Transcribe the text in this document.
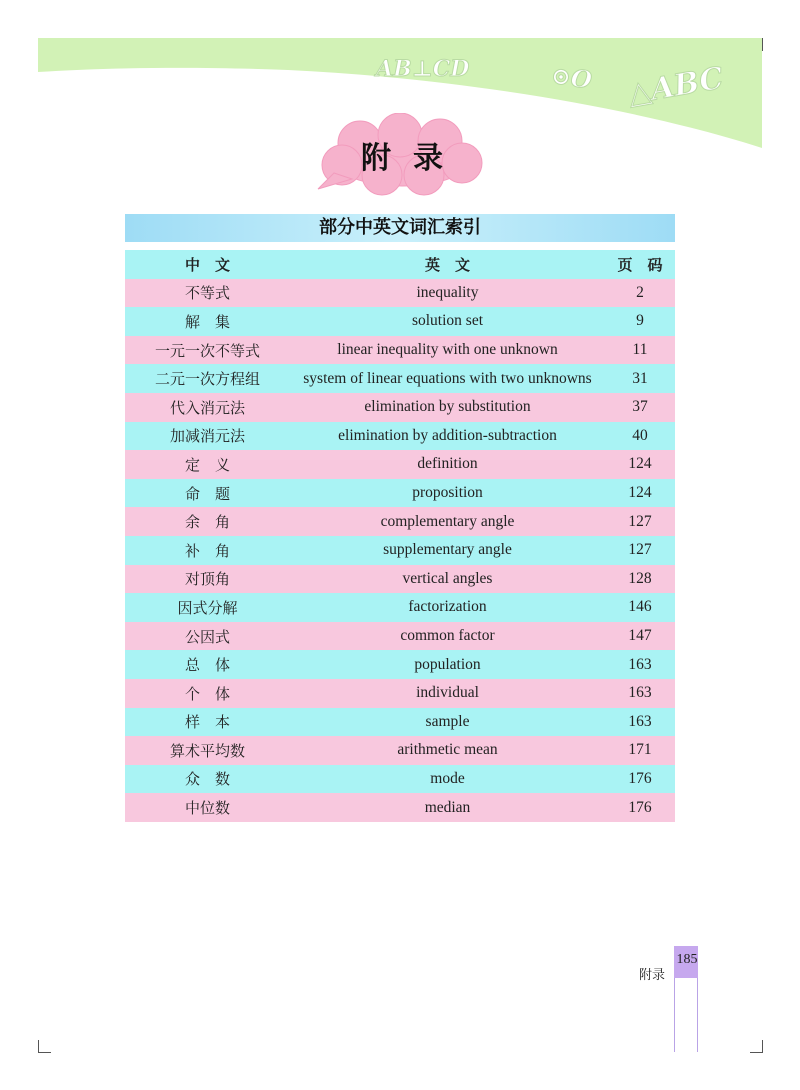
AB⊥CD	⊙O △ABC
附录
部分中英文词汇索引
中　文	英　文	页　码
不等式	inequality	2
解　集	solution set	9
一元一次不等式	linear inequality with one unknown	11
二元一次方程组	system of linear equations with two unknowns	31
代入消元法	elimination by substitution	37
加减消元法	elimination by addition-subtraction	40
定　义	definition	124
命　题	proposition	124
余　角	complementary angle	127
补　角	supplementary angle	127
对顶角	vertical angles	128
因式分解	factorization	146
公因式	common factor	147
总　体	population	163
个　体	individual	163
样　本	sample	163
算术平均数	arithmetic mean	171
众　数	mode	176
中位数	median	176
附录
185
